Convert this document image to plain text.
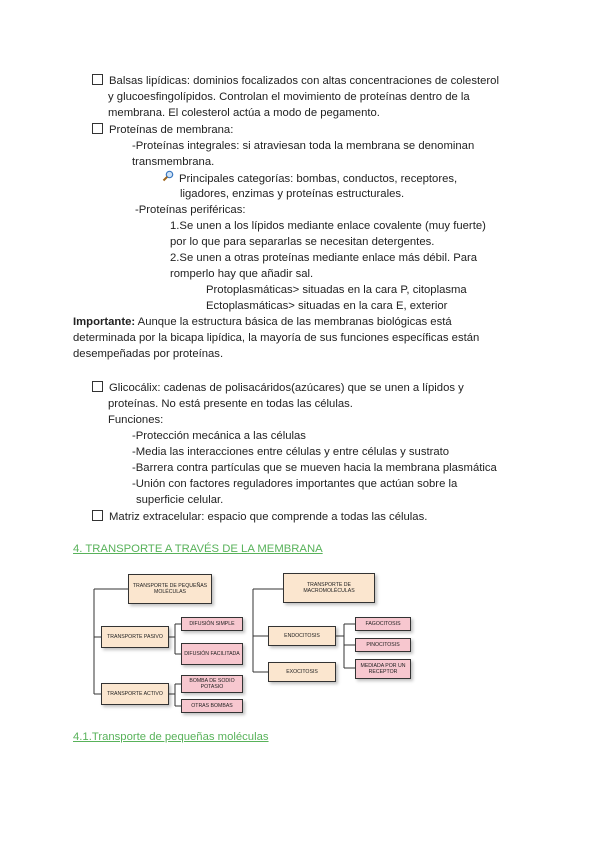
Balsas lipídicas: dominios focalizados con altas concentraciones de colesterol
y glucoesfingolípidos. Controlan el movimiento de proteínas dentro de la
membrana. El colesterol actúa a modo de pegamento.
Proteínas de membrana:
-Proteínas integrales: si atraviesan toda la membrana se denominan
transmembrana.
Principales categorías: bombas, conductos, receptores,
ligadores, enzimas y proteínas estructurales.
-Proteínas periféricas:
1.Se unen a los lípidos mediante enlace covalente (muy fuerte)
por lo que para separarlas se necesitan detergentes.
2.Se unen a otras proteínas mediante enlace más débil. Para
romperlo hay que añadir sal.
Protoplasmáticas> situadas en la cara P, citoplasma
Ectoplasmáticas> situadas en la cara E, exterior
Importante: Aunque la estructura básica de las membranas biológicas está
determinada por la bicapa lipídica, la mayoría de sus funciones específicas están
desempeñadas por proteínas.
Glicocálix: cadenas de polisacáridos(azúcares) que se unen a lípidos y
proteínas. No está presente en todas las células.
Funciones:
-Protección mecánica a las células
-Media las interacciones entre células y entre células y sustrato
-Barrera contra partículas que se mueven hacia la membrana plasmática
-Unión con factores reguladores importantes que actúan sobre la
superficie celular.
Matriz extracelular: espacio que comprende a todas las células.
4. TRANSPORTE A TRAVÉS DE LA MEMBRANA
TRANSPORTE DE PEQUEÑAS MOLÉCULAS
TRANSPORTE PASIVO
DIFUSIÓN SIMPLE
DIFUSIÓN FACILITADA
TRANSPORTE ACTIVO
BOMBA DE SODIO POTASIO
OTRAS BOMBAS
TRANSPORTE DE MACROMOLÉCULAS
ENDOCITOSIS
EXOCITOSIS
FAGOCITOSIS
PINOCITOSIS
MEDIADA POR UN RECEPTOR
4.1.Transporte de pequeñas moléculas
